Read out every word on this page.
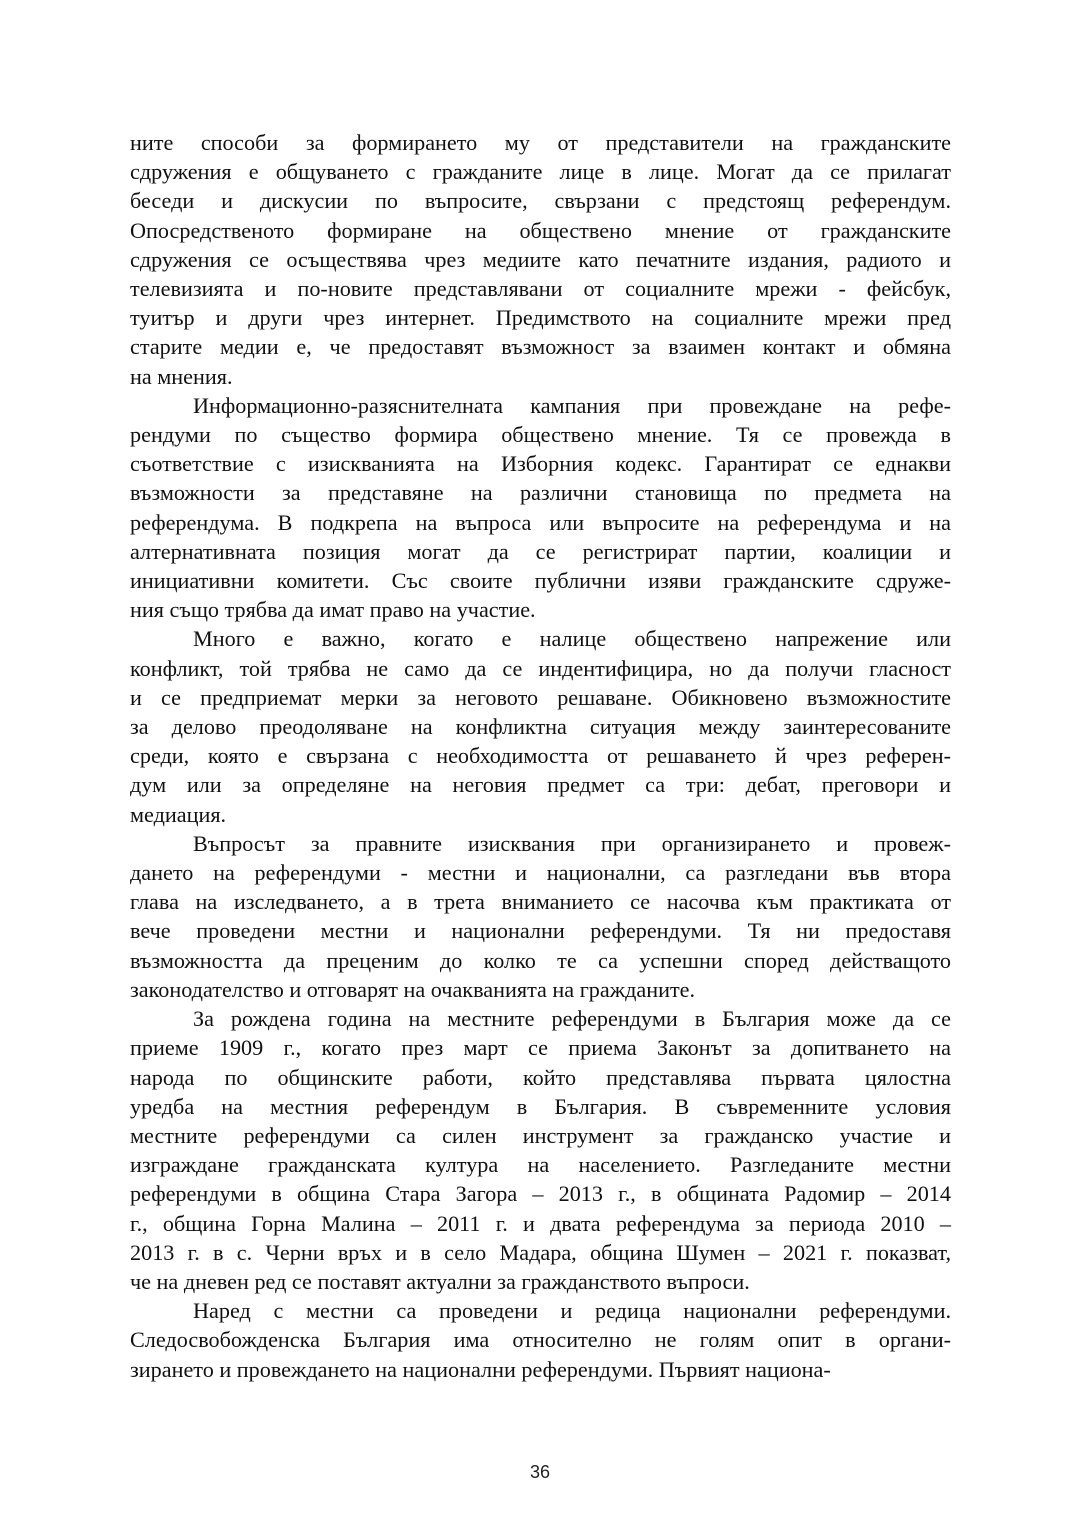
ните способи за формирането му от представители на гражданските
сдружения е общуването с гражданите лице в лице. Могат да се прилагат
беседи и дискусии по въпросите, свързани с предстоящ референдум.
Опосредственото формиране на обществено мнение от гражданските
сдружения се осъществява чрез медиите като печатните издания, радиото и
телевизията и по-новите представлявани от социалните мрежи - фейсбук,
туитър и други чрез интернет. Предимството на социалните мрежи пред
старите медии е, че предоставят възможност за взаимен контакт и обмяна
на мнения.

Информационно-разяснителната кампания при провеждане на рефе-
рендуми по същество формира обществено мнение. Тя се провежда в
съответствие с изискванията на Изборния кодекс. Гарантират се еднакви
възможности за представяне на различни становища по предмета на
референдума. В подкрепа на въпроса или въпросите на референдума и на
алтернативната позиция могат да се регистрират партии, коалиции и
инициативни комитети. Със своите публични изяви гражданските сдруже-
ния също трябва да имат право на участие.

Много е важно, когато е налице обществено напрежение или
конфликт, той трябва не само да се индентифицира, но да получи гласност
и се предприемат мерки за неговото решаване. Обикновено възможностите
за делово преодоляване на конфликтна ситуация между заинтересованите
среди, която е свързана с необходимостта от решаването й чрез референ-
дум или за определяне на неговия предмет са три: дебат, преговори и
медиация.

Въпросът за правните изисквания при организирането и провеж-
дането на референдуми - местни и национални, са разгледани във втора
глава на изследването, а в трета вниманието се насочва към практиката от
вече проведени местни и национални референдуми. Тя ни предоставя
възможността да преценим до колко те са успешни според действащото
законодателство и отговарят на очакванията на гражданите.

За рождена година на местните референдуми в България може да се
приеме 1909 г., когато през март се приема Законът за допитването на
народа по общинските работи, който представлява първата цялостна
уредба на местния референдум в България. В съвременните условия
местните референдуми са силен инструмент за гражданско участие и
изграждане гражданската култура на населението. Разгледаните местни
референдуми в община Стара Загора – 2013 г., в общината Радомир – 2014
г., община Горна Малина – 2011 г. и двата референдума за периода 2010 –
2013 г. в с. Черни връх и в село Мадара, община Шумен – 2021 г. показват,
че на дневен ред се поставят актуални за гражданството въпроси.

Наред с местни са проведени и редица национални референдуми.
Следосвобожденска България има относително не голям опит в органи-
зирането и провеждането на национални референдуми. Първият национа-

36
